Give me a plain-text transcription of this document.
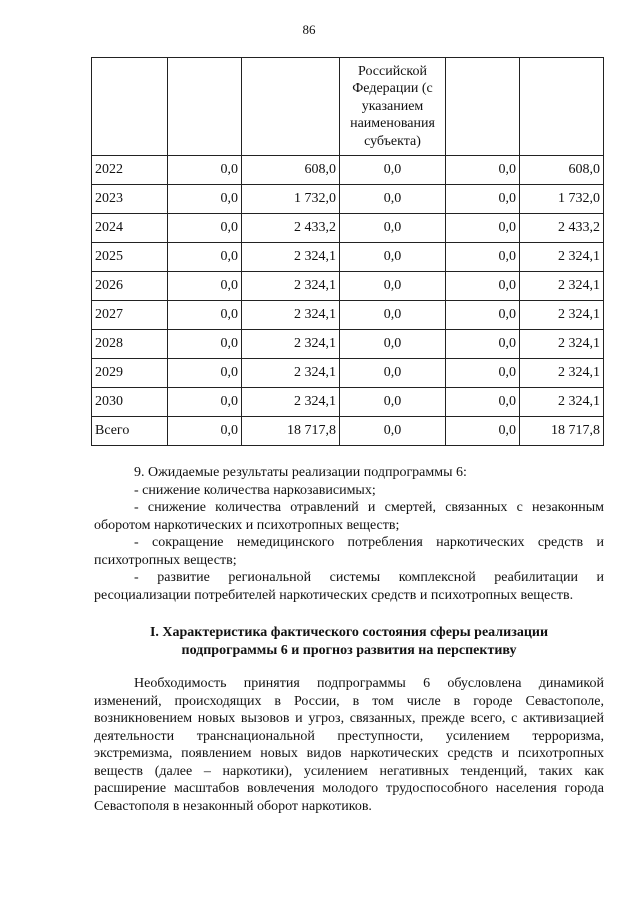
86

			Российской Федерации (с указанием наименования субъекта)		

2022	0,0	608,0	0,0	0,0	608,0
2023	0,0	1 732,0	0,0	0,0	1 732,0
2024	0,0	2 433,2	0,0	0,0	2 433,2
2025	0,0	2 324,1	0,0	0,0	2 324,1
2026	0,0	2 324,1	0,0	0,0	2 324,1
2027	0,0	2 324,1	0,0	0,0	2 324,1
2028	0,0	2 324,1	0,0	0,0	2 324,1
2029	0,0	2 324,1	0,0	0,0	2 324,1
2030	0,0	2 324,1	0,0	0,0	2 324,1
Всего	0,0	18 717,8	0,0	0,0	18 717,8

9. Ожидаемые результаты реализации подпрограммы 6:

- снижение количества наркозависимых;

- снижение количества отравлений и смертей, связанных с незаконным оборотом наркотических и психотропных веществ;

- сокращение немедицинского потребления наркотических средств и психотропных веществ;

- развитие региональной системы комплексной реабилитации и ресоциализации потребителей наркотических средств и психотропных веществ.

I. Характеристика фактического состояния сферы реализации
подпрограммы 6 и прогноз развития на перспективу

Необходимость принятия подпрограммы 6 обусловлена динамикой изменений, происходящих в России, в том числе в городе Севастополе, возникновением новых вызовов и угроз, связанных, прежде всего, с активизацией деятельности транснациональной преступности, усилением терроризма, экстремизма, появлением новых видов наркотических средств и психотропных веществ (далее – наркотики), усилением негативных тенденций, таких как расширение масштабов вовлечения молодого трудоспособного населения города Севастополя в незаконный оборот наркотиков.
